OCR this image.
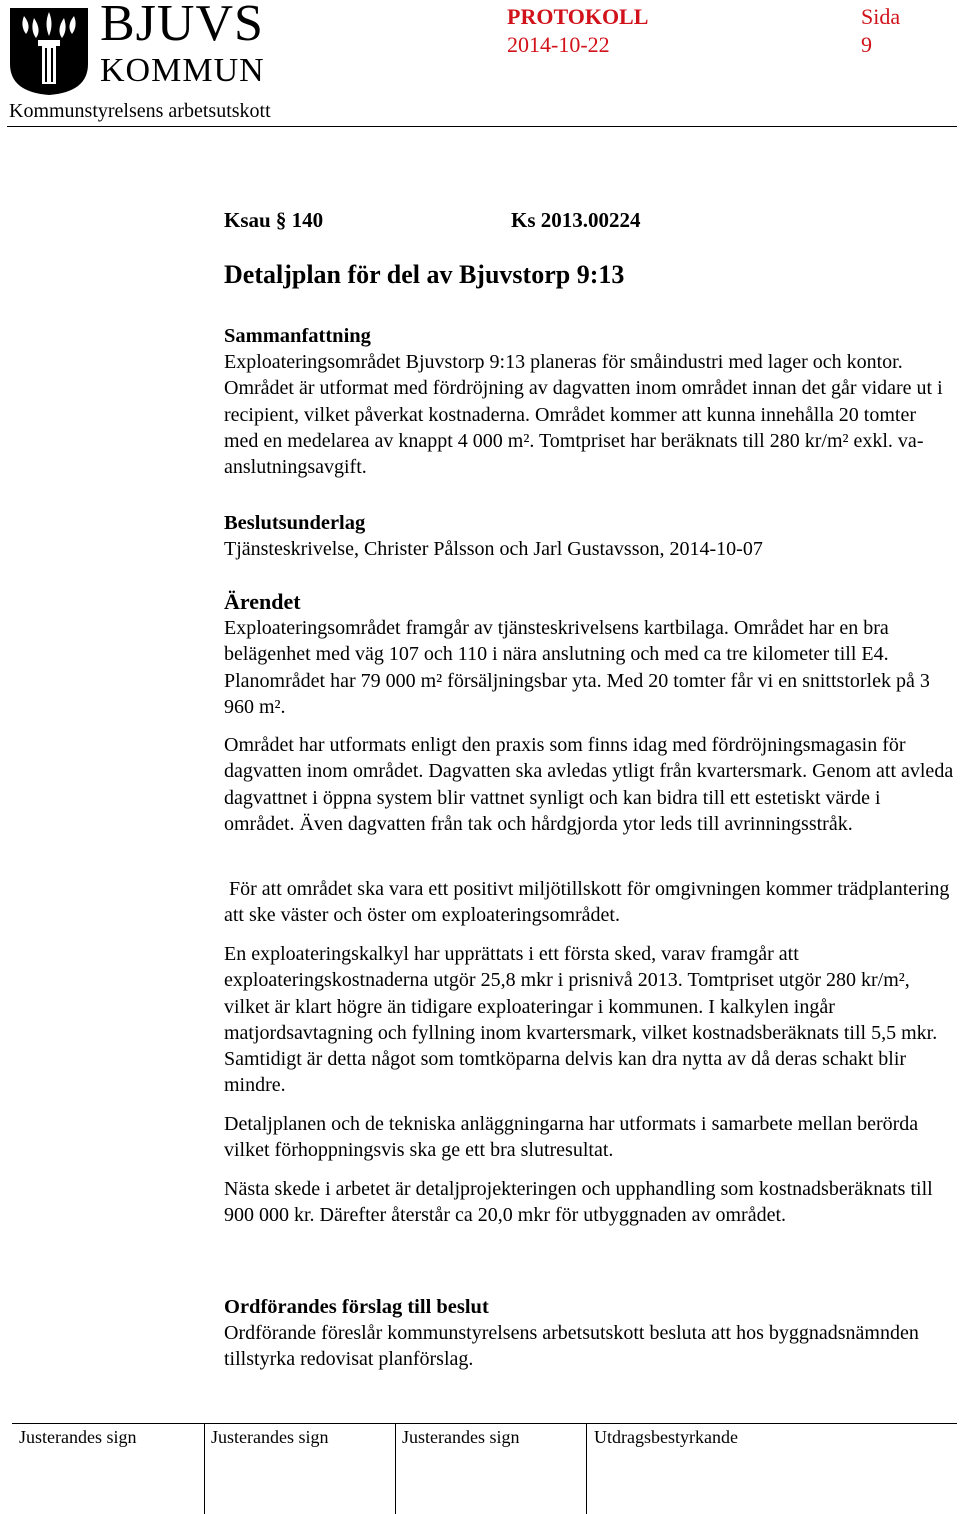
BJUVS
KOMMUN
PROTOKOLL
2014-10-22
Sida
9
Kommunstyrelsens arbetsutskott
Ksau § 140	Ks 2013.00224
Detaljplan för del av Bjuvstorp 9:13
Sammanfattning

Exploateringsområdet Bjuvstorp 9:13 planeras för småindustri med lager och kontor. Området är utformat med fördröjning av dagvatten inom området innan det går vidare ut i recipient, vilket påverkat kostnaderna. Området kommer att kunna innehålla 20 tomter med en medelarea av knappt 4 000 m². Tomtpriset har beräknats till 280 kr/m² exkl. va-anslutningsavgift.

Beslutsunderlag

Tjänsteskrivelse, Christer Pålsson och Jarl Gustavsson, 2014-10-07

Ärendet

Exploateringsområdet framgår av tjänsteskrivelsens kartbilaga. Området har en bra belägenhet med väg 107 och 110 i nära anslutning och med ca tre kilometer till E4. Planområdet har 79 000 m² försäljningsbar yta. Med 20 tomter får vi en snittstorlek på 3 960 m².

Området har utformats enligt den praxis som finns idag med fördröjningsmagasin för dagvatten inom området. Dagvatten ska avledas ytligt från kvartersmark. Genom att avleda dagvattnet i öppna system blir vattnet synligt och kan bidra till ett estetiskt värde i området. Även dagvatten från tak och hårdgjorda ytor leds till avrinningsstråk.

För att området ska vara ett positivt miljötillskott för omgivningen kommer trädplantering att ske väster och öster om exploateringsområdet.

En exploateringskalkyl har upprättats i ett första sked, varav framgår att exploateringskostnaderna utgör 25,8 mkr i prisnivå 2013. Tomtpriset utgör 280 kr/m², vilket är klart högre än tidigare exploateringar i kommunen. I kalkylen ingår matjordsavtagning och fyllning inom kvartersmark, vilket kostnadsberäknats till 5,5 mkr. Samtidigt är detta något som tomtköparna delvis kan dra nytta av då deras schakt blir mindre.

Detaljplanen och de tekniska anläggningarna har utformats i samarbete mellan berörda vilket förhoppningsvis ska ge ett bra slutresultat.

Nästa skede i arbetet är detaljprojekteringen och upphandling som kostnadsberäknats till 900 000 kr. Därefter återstår ca 20,0 mkr för utbyggnaden av området.

Ordförandes förslag till beslut

Ordförande föreslår kommunstyrelsens arbetsutskott besluta att hos byggnadsnämnden tillstyrka redovisat planförslag.

Justerandes sign	Justerandes sign	Justerandes sign	Utdragsbestyrkande
